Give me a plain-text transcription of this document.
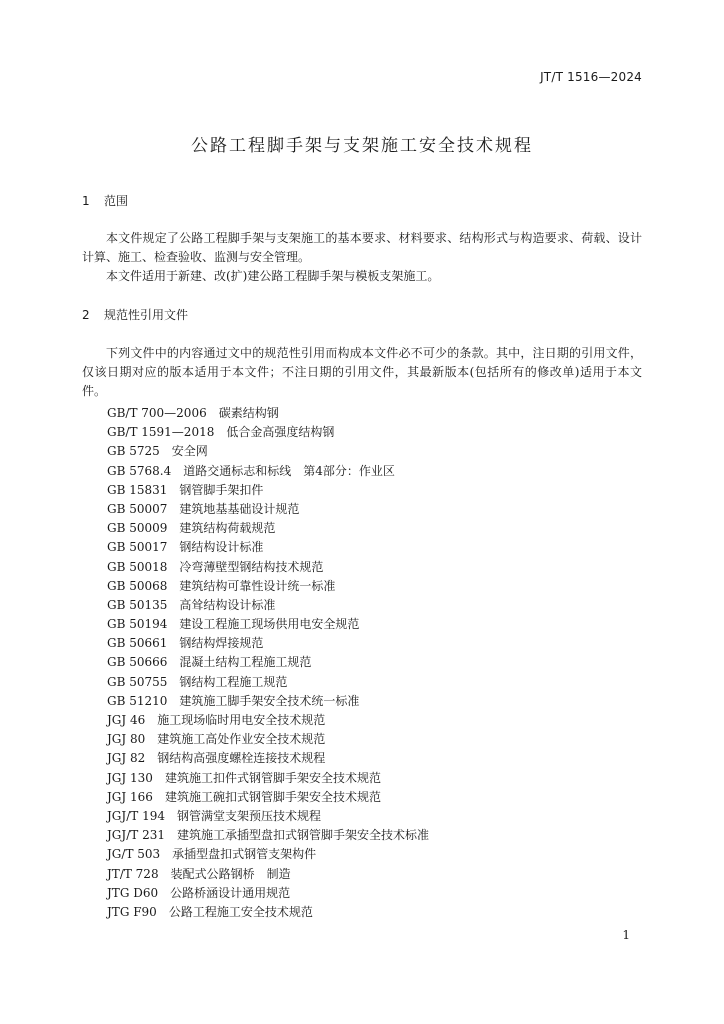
JT/T 1516—2024
公路工程脚手架与支架施工安全技术规程
1 范围

本文件规定了公路工程脚手架与支架施工的基本要求、材料要求、结构形式与构造要求、荷载、设计计算、施工、检查验收、监测与安全管理。

本文件适用于新建、改(扩)建公路工程脚手架与模板支架施工。

2 规范性引用文件

下列文件中的内容通过文中的规范性引用而构成本文件必不可少的条款。其中，注日期的引用文件，仅该日期对应的版本适用于本文件；不注日期的引用文件，其最新版本(包括所有的修改单)适用于本文件。

GB/T 700—2006 碳素结构钢
GB/T 1591—2018 低合金高强度结构钢
GB 5725 安全网
GB 5768.4 道路交通标志和标线　第4部分：作业区
GB 15831 钢管脚手架扣件
GB 50007 建筑地基基础设计规范
GB 50009 建筑结构荷载规范
GB 50017 钢结构设计标准
GB 50018 冷弯薄壁型钢结构技术规范
GB 50068 建筑结构可靠性设计统一标准
GB 50135 高耸结构设计标准
GB 50194 建设工程施工现场供用电安全规范
GB 50661 钢结构焊接规范
GB 50666 混凝土结构工程施工规范
GB 50755 钢结构工程施工规范
GB 51210 建筑施工脚手架安全技术统一标准
JGJ 46 施工现场临时用电安全技术规范
JGJ 80 建筑施工高处作业安全技术规范
JGJ 82 钢结构高强度螺栓连接技术规程
JGJ 130 建筑施工扣件式钢管脚手架安全技术规范
JGJ 166 建筑施工碗扣式钢管脚手架安全技术规范
JGJ/T 194 钢管满堂支架预压技术规程
JGJ/T 231 建筑施工承插型盘扣式钢管脚手架安全技术标准
JG/T 503 承插型盘扣式钢管支架构件
JT/T 728 装配式公路钢桥　制造
JTG D60 公路桥涵设计通用规范
JTG F90 公路工程施工安全技术规范
1
